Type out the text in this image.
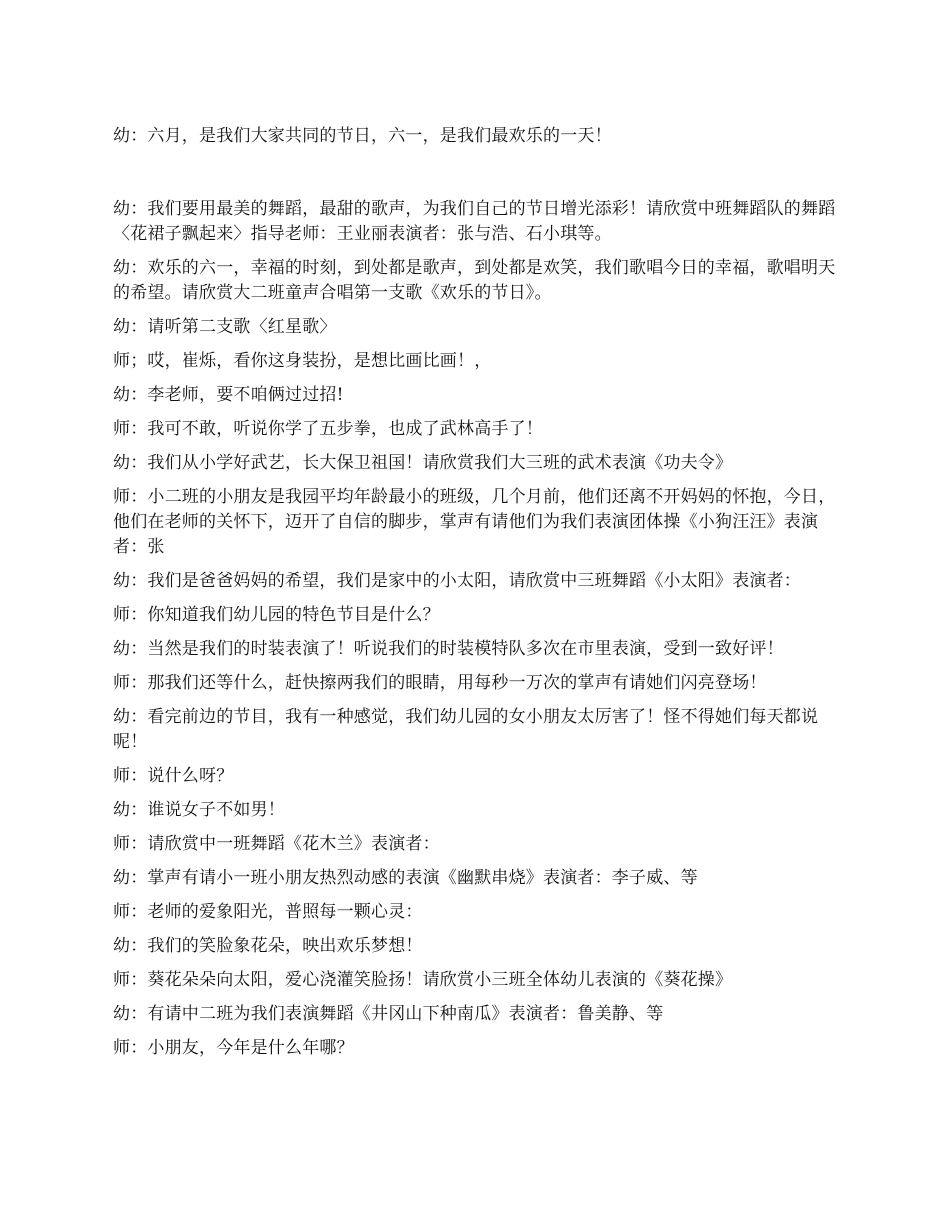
幼：六月，是我们大家共同的节日，六一，是我们最欢乐的一天！

幼：我们要用最美的舞蹈，最甜的歌声，为我们自己的节日增光添彩！请欣赏中班舞蹈队的舞蹈〈花裙子飘起来〉指导老师：王业丽表演者：张与浩、石小琪等。

幼：欢乐的六一，幸福的时刻，到处都是歌声，到处都是欢笑，我们歌唱今日的幸福，歌唱明天的希望。请欣赏大二班童声合唱第一支歌《欢乐的节日》。

幼：请听第二支歌〈红星歌〉

师；哎，崔烁，看你这身装扮，是想比画比画！，

幼：李老师，要不咱俩过过招!

师：我可不敢，听说你学了五步拳，也成了武林高手了！

幼：我们从小学好武艺，长大保卫祖国！请欣赏我们大三班的武术表演《功夫令》

师：小二班的小朋友是我园平均年龄最小的班级，几个月前，他们还离不开妈妈的怀抱，今日，他们在老师的关怀下，迈开了自信的脚步，掌声有请他们为我们表演团体操《小狗汪汪》表演者：张

幼：我们是爸爸妈妈的希望，我们是家中的小太阳，请欣赏中三班舞蹈《小太阳》表演者：

师：你知道我们幼儿园的特色节目是什么？

幼：当然是我们的时装表演了！听说我们的时装模特队多次在市里表演，受到一致好评！

师：那我们还等什么，赶快擦两我们的眼睛，用每秒一万次的掌声有请她们闪亮登场！

幼：看完前边的节目，我有一种感觉，我们幼儿园的女小朋友太厉害了！怪不得她们每天都说呢！

师：说什么呀？

幼：谁说女子不如男！

师：请欣赏中一班舞蹈《花木兰》表演者：

幼：掌声有请小一班小朋友热烈动感的表演《幽默串烧》表演者：李子威、等

师：老师的爱象阳光，普照每一颗心灵：

幼：我们的笑脸象花朵，映出欢乐梦想！

师：葵花朵朵向太阳，爱心浇灌笑脸扬！请欣赏小三班全体幼儿表演的《葵花操》

幼：有请中二班为我们表演舞蹈《井冈山下种南瓜》表演者：鲁美静、等

师：小朋友，今年是什么年哪？
